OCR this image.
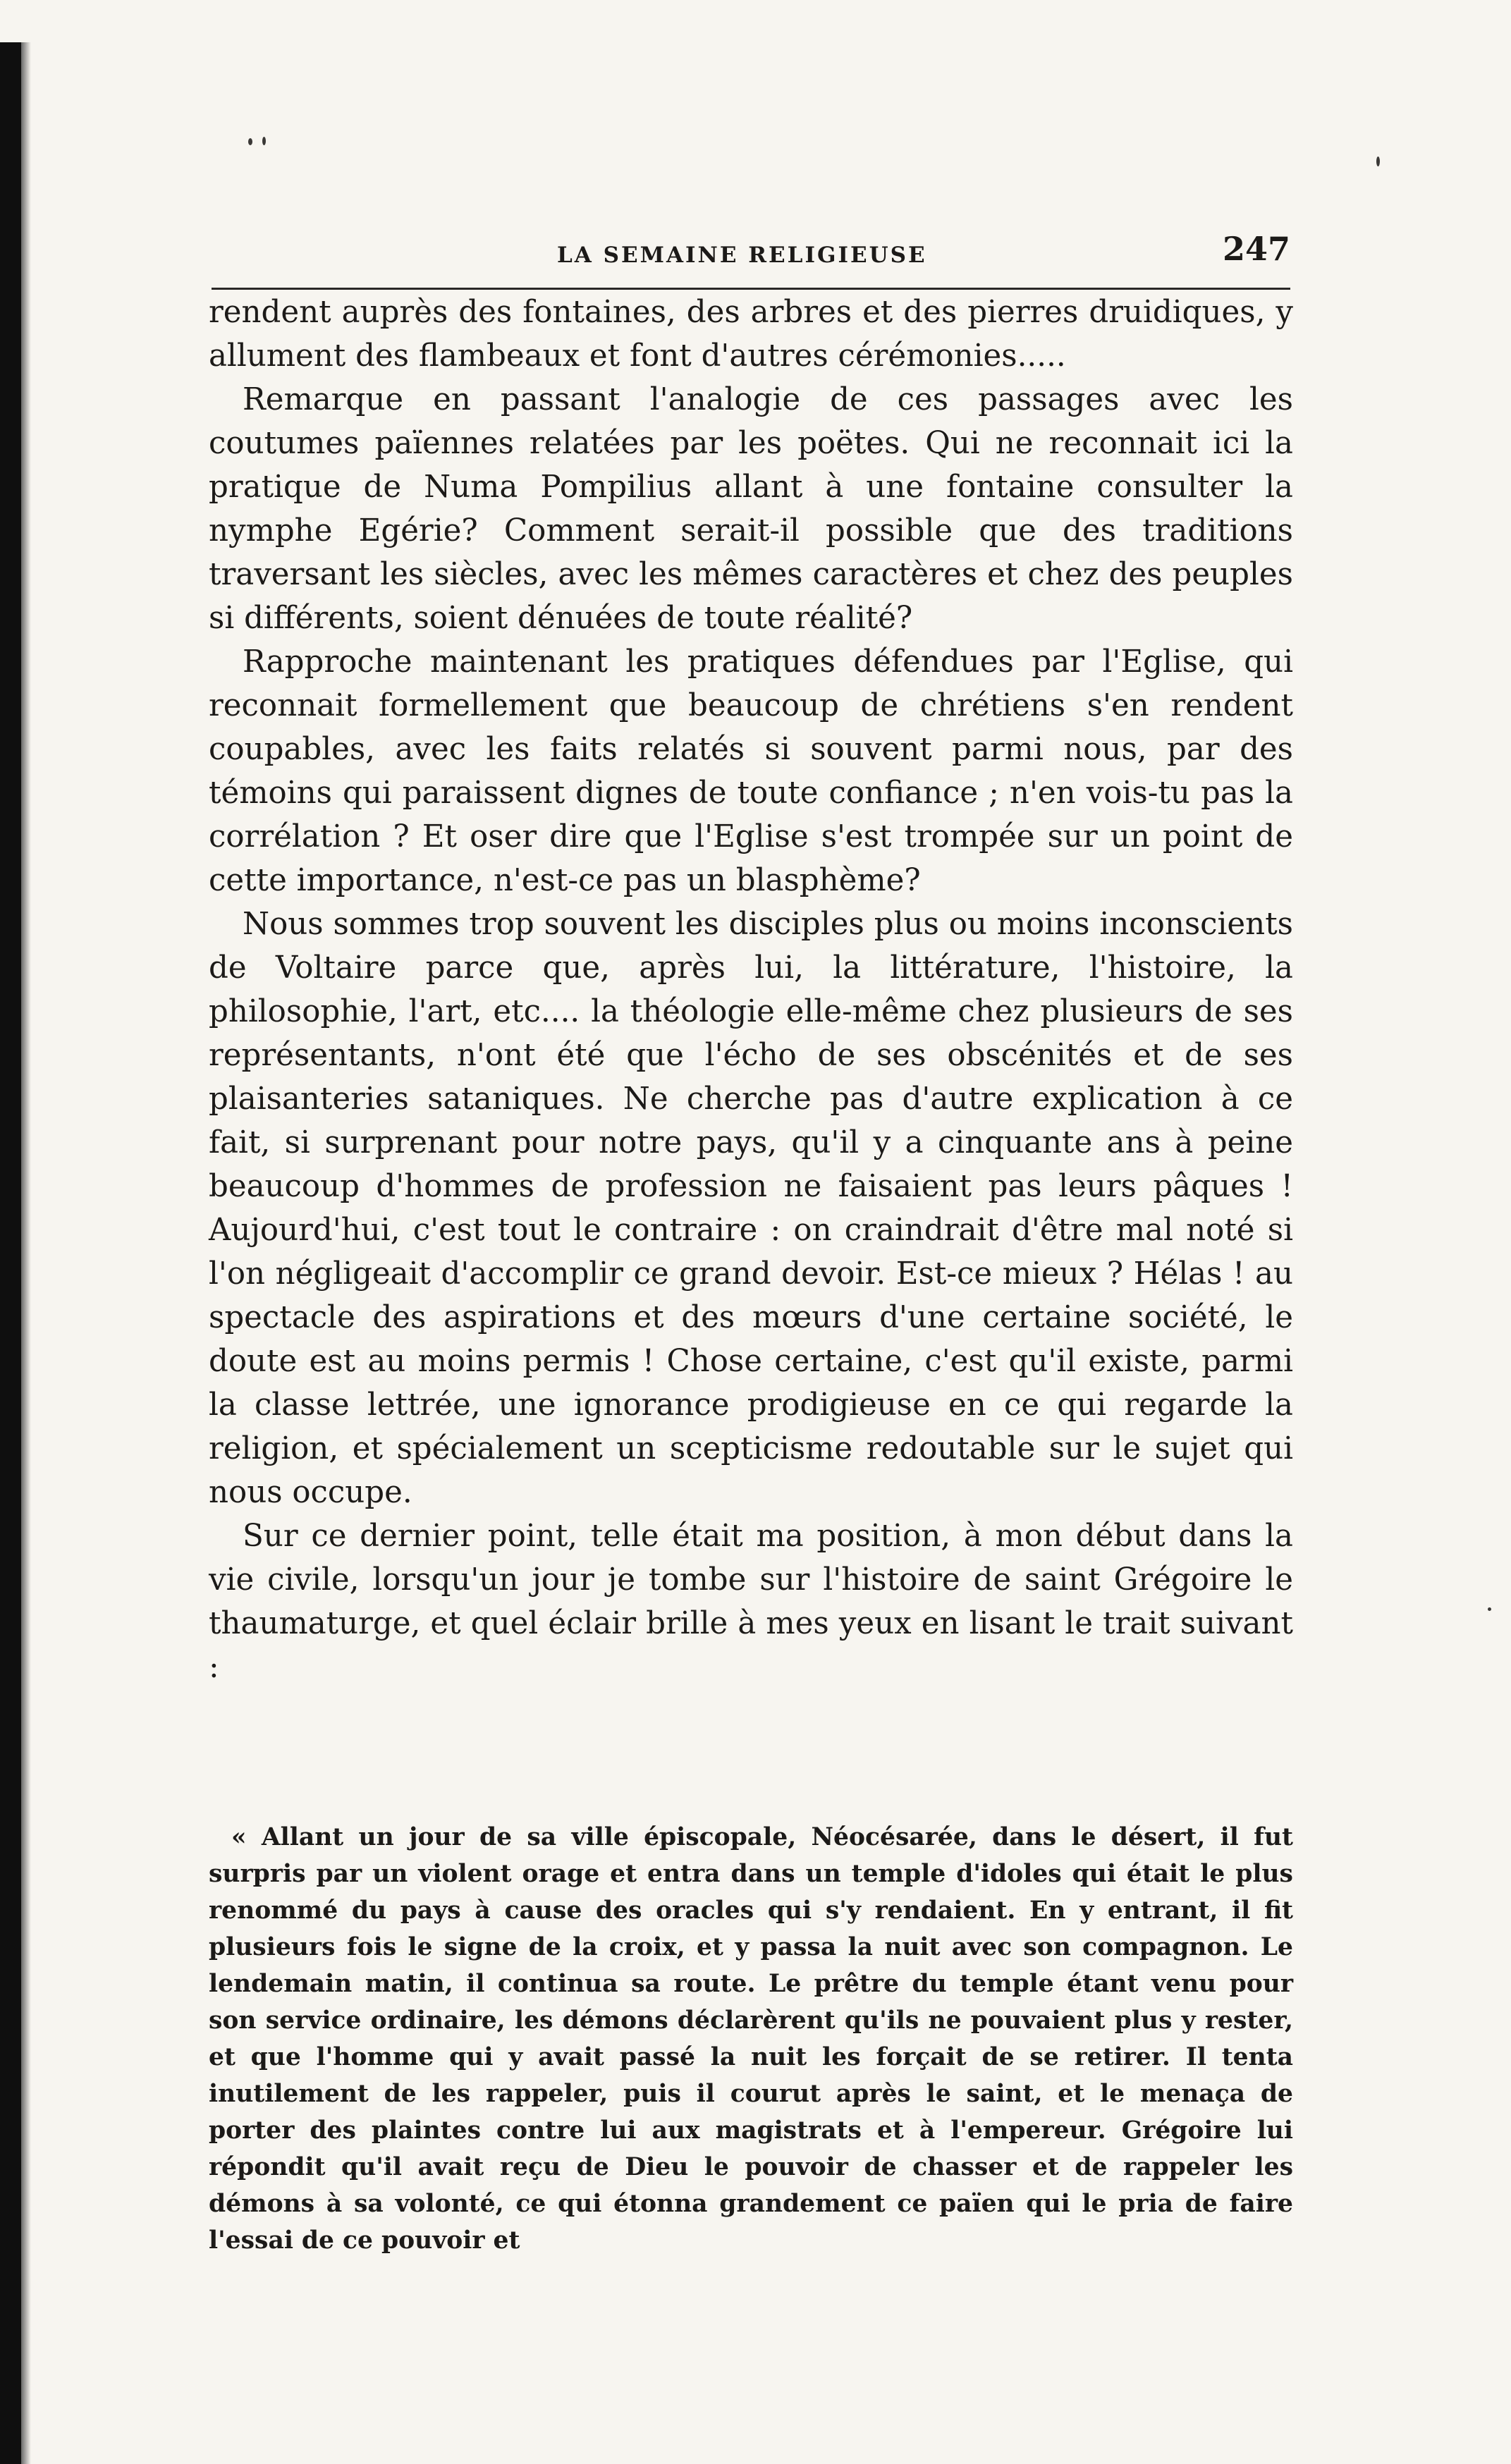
LA SEMAINE RELIGIEUSE	247

rendent auprès des fontaines, des arbres et des pierres druidiques, y allument des flambeaux et font d'autres cérémonies.....

Remarque en passant l'analogie de ces passages avec les coutumes païennes relatées par les poëtes. Qui ne reconnait ici la pratique de Numa Pompilius allant à une fontaine consulter la nymphe Egérie? Comment serait-il possible que des traditions traversant les siècles, avec les mêmes caractères et chez des peuples si différents, soient dénuées de toute réalité?

Rapproche maintenant les pratiques défendues par l'Eglise, qui reconnait formellement que beaucoup de chrétiens s'en rendent coupables, avec les faits relatés si souvent parmi nous, par des témoins qui paraissent dignes de toute confiance ; n'en vois-tu pas la corrélation ? Et oser dire que l'Eglise s'est trompée sur un point de cette importance, n'est-ce pas un blasphème?

Nous sommes trop souvent les disciples plus ou moins inconscients de Voltaire parce que, après lui, la littérature, l'histoire, la philosophie, l'art, etc.... la théologie elle-même chez plusieurs de ses représentants, n'ont été que l'écho de ses obscénités et de ses plaisanteries sataniques. Ne cherche pas d'autre explication à ce fait, si surprenant pour notre pays, qu'il y a cinquante ans à peine beaucoup d'hommes de profession ne faisaient pas leurs pâques ! Aujourd'hui, c'est tout le contraire : on craindrait d'être mal noté si l'on négligeait d'accomplir ce grand devoir. Est-ce mieux ? Hélas ! au spectacle des aspirations et des mœurs d'une certaine société, le doute est au moins permis ! Chose certaine, c'est qu'il existe, parmi la classe lettrée, une ignorance prodigieuse en ce qui regarde la religion, et spécialement un scepticisme redoutable sur le sujet qui nous occupe.

Sur ce dernier point, telle était ma position, à mon début dans la vie civile, lorsqu'un jour je tombe sur l'histoire de saint Grégoire le thaumaturge, et quel éclair brille à mes yeux en lisant le trait suivant :

« Allant un jour de sa ville épiscopale, Néocésarée, dans le désert, il fut surpris par un violent orage et entra dans un temple d'idoles qui était le plus renommé du pays à cause des oracles qui s'y rendaient. En y entrant, il fit plusieurs fois le signe de la croix, et y passa la nuit avec son compagnon. Le lendemain matin, il continua sa route. Le prêtre du temple étant venu pour son service ordinaire, les démons déclarèrent qu'ils ne pouvaient plus y rester, et que l'homme qui y avait passé la nuit les forçait de se retirer. Il tenta inutilement de les rappeler, puis il courut après le saint, et le menaça de porter des plaintes contre lui aux magistrats et à l'empereur. Grégoire lui répondit qu'il avait reçu de Dieu le pouvoir de chasser et de rappeler les démons à sa volonté, ce qui étonna grandement ce païen qui le pria de faire l'essai de ce pouvoir et
